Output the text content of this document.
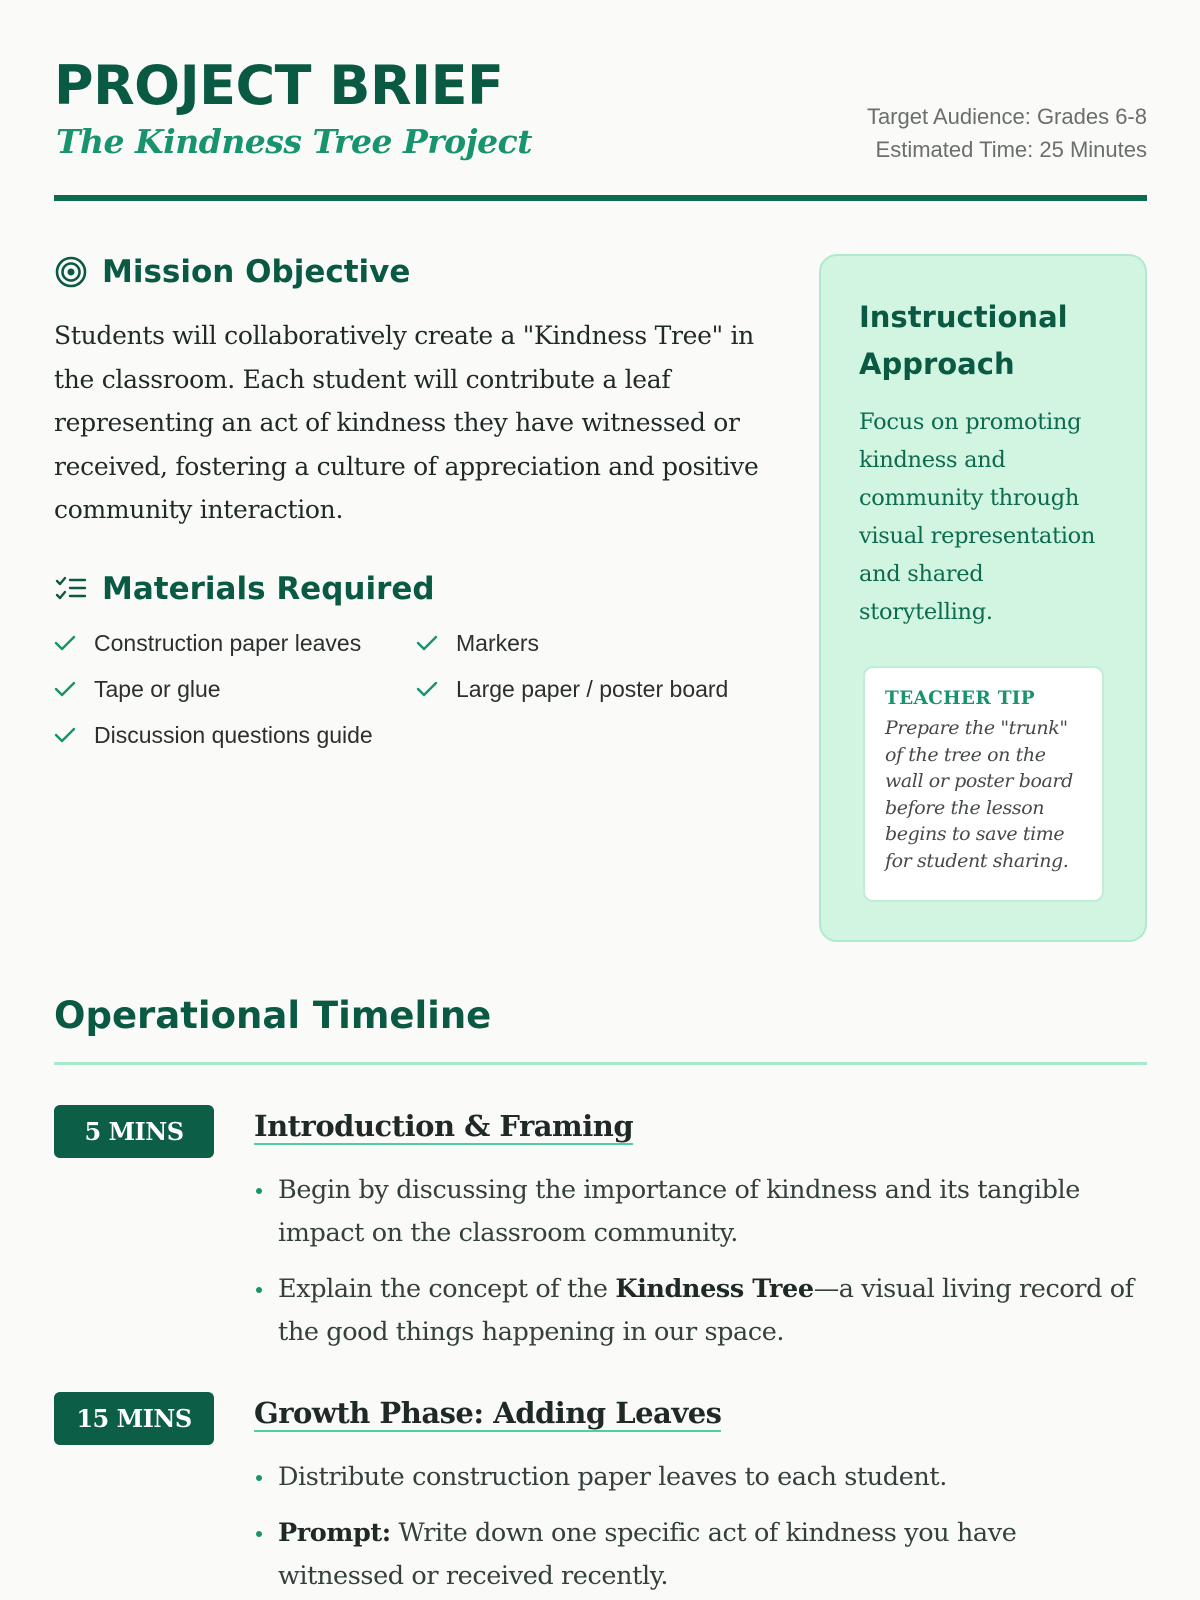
PROJECT BRIEF
The Kindness Tree Project
Target Audience: Grades 6-8
Estimated Time: 25 Minutes
Mission Objective

Students will collaboratively create a "Kindness Tree" in the classroom. Each student will contribute a leaf representing an act of kindness they have witnessed or received, fostering a culture of appreciation and positive community interaction.

Materials Required
Construction paper leaves	Markers
Tape or glue	Large paper / poster board
Discussion questions guide
Instructional Approach

Focus on promoting kindness and community through visual representation and shared storytelling.

TEACHER TIP

Prepare the "trunk" of the tree on the wall or poster board before the lesson begins to save time for student sharing.

Operational Timeline
5 MINS	Introduction & Framing
Begin by discussing the importance of kindness and its tangible impact on the classroom community.
Explain the concept of the Kindness Tree—a visual living record of the good things happening in our space.
15 MINS	Growth Phase: Adding Leaves
Distribute construction paper leaves to each student.
Prompt: Write down one specific act of kindness you have witnessed or received recently.
